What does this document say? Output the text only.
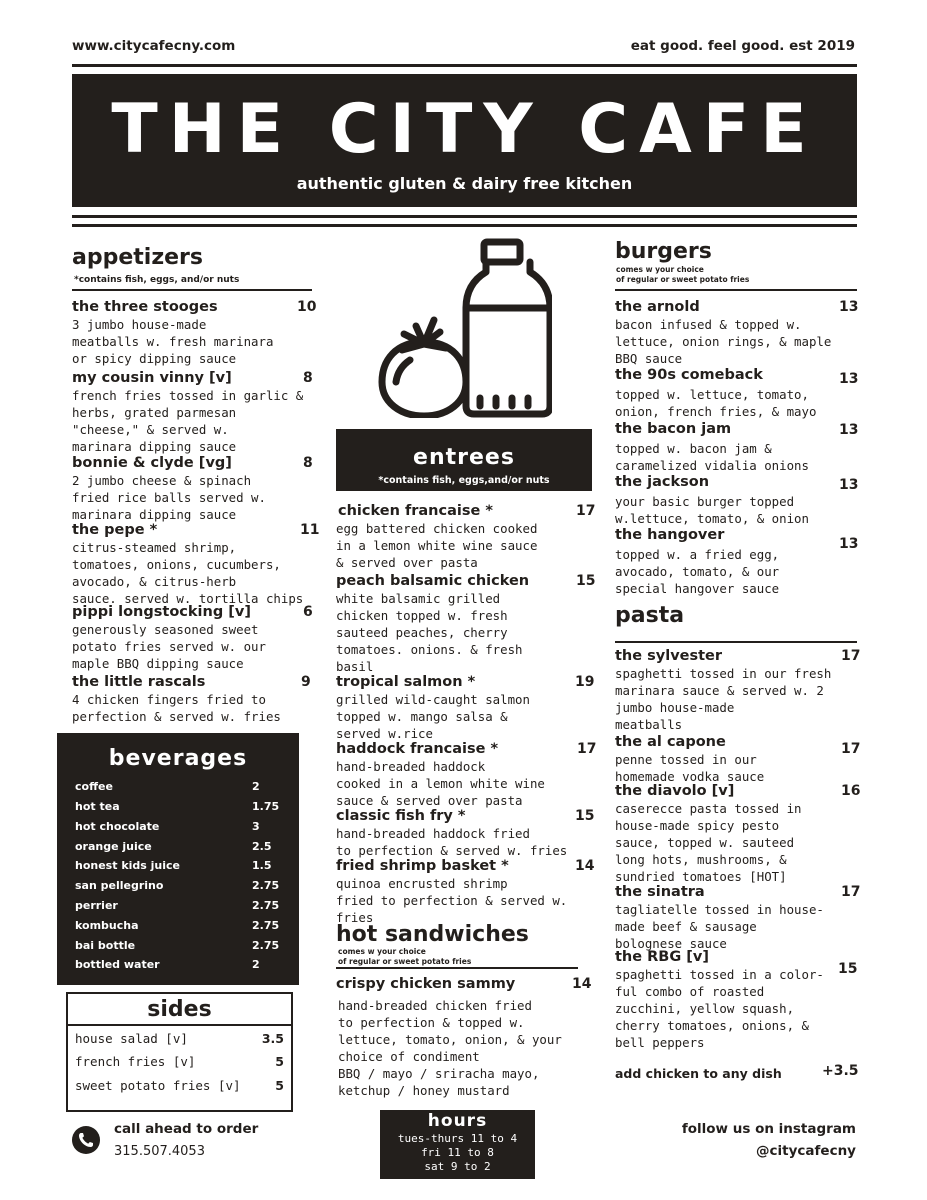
www.citycafecny.com	eat good. feel good. est 2019
THE CITY CAFE
authentic gluten & dairy free kitchen
appetizers
*contains fish, eggs, and/or nuts
the three stooges
3 jumbo house-made
meatballs w. fresh marinara
or spicy dipping sauce
10
my cousin vinny [v]
french fries tossed in garlic &
herbs, grated parmesan
"cheese," & served w.
marinara dipping sauce
8
bonnie & clyde [vg]
2 jumbo cheese & spinach
fried rice balls served w.
marinara dipping sauce
8
the pepe *
citrus-steamed shrimp,
tomatoes, onions, cucumbers,
avocado, & citrus-herb
sauce. served w. tortilla chips
11
pippi longstocking [v]
generously seasoned sweet
potato fries served w. our
maple BBQ dipping sauce
6
the little rascals
4 chicken fingers fried to
perfection & served w. fries
9
beverages
coffee	2
hot tea	1.75
hot chocolate	3
orange juice	2.5
honest kids juice	1.5
san pellegrino	2.75
perrier	2.75
kombucha	2.75
bai bottle	2.75
bottled water	2
sides
house salad [v]	3.5
french fries [v]	5
sweet potato fries [v]	5
entrees
*contains fish, eggs,and/or nuts
chicken francaise *
egg battered chicken cooked
in a lemon white wine sauce
& served over pasta
17
peach balsamic chicken
white balsamic grilled
chicken topped w. fresh
sauteed peaches, cherry
tomatoes. onions. & fresh
basil
15
tropical salmon *
grilled wild-caught salmon
topped w. mango salsa &
served w.rice
19
haddock francaise *
hand-breaded haddock
cooked in a lemon white wine
sauce & served over pasta
17
classic fish fry *
hand-breaded haddock fried
to perfection & served w. fries
15
fried shrimp basket *
quinoa encrusted shrimp
fried to perfection & served w.
fries
14
hot sandwiches
comes w your choice
of regular or sweet potato fries
crispy chicken sammy
hand-breaded chicken fried
to perfection & topped w.
lettuce, tomato, onion, & your
choice of condiment
BBQ / mayo / sriracha mayo,
ketchup / honey mustard
14
burgers
comes w your choice
of regular or sweet potato fries
the arnold
bacon infused & topped w.
lettuce, onion rings, & maple
BBQ sauce
13
the 90s comeback
topped w. lettuce, tomato,
onion, french fries, & mayo
13
the bacon jam
topped w. bacon jam &
caramelized vidalia onions
13
the jackson
your basic burger topped
w.lettuce, tomato, & onion
13
the hangover
topped w. a fried egg,
avocado, tomato, & our
special hangover sauce
13
pasta
the sylvester
spaghetti tossed in our fresh
marinara sauce & served w. 2
jumbo house-made
meatballs
17
the al capone
penne tossed in our
homemade vodka sauce
17
the diavolo [v]
caserecce pasta tossed in
house-made spicy pesto
sauce, topped w. sauteed
long hots, mushrooms, &
sundried tomatoes [HOT]
16
the sinatra
tagliatelle tossed in house-
made beef & sausage
bolognese sauce
17
the RBG [v]
spaghetti tossed in a color-
ful combo of roasted
zucchini, yellow squash,
cherry tomatoes, onions, &
bell peppers
15
add chicken to any dish	+3.5
call ahead to order
315.507.4053
hours
tues-thurs 11 to 4
fri 11 to 8
sat 9 to 2
follow us on instagram
@citycafecny
